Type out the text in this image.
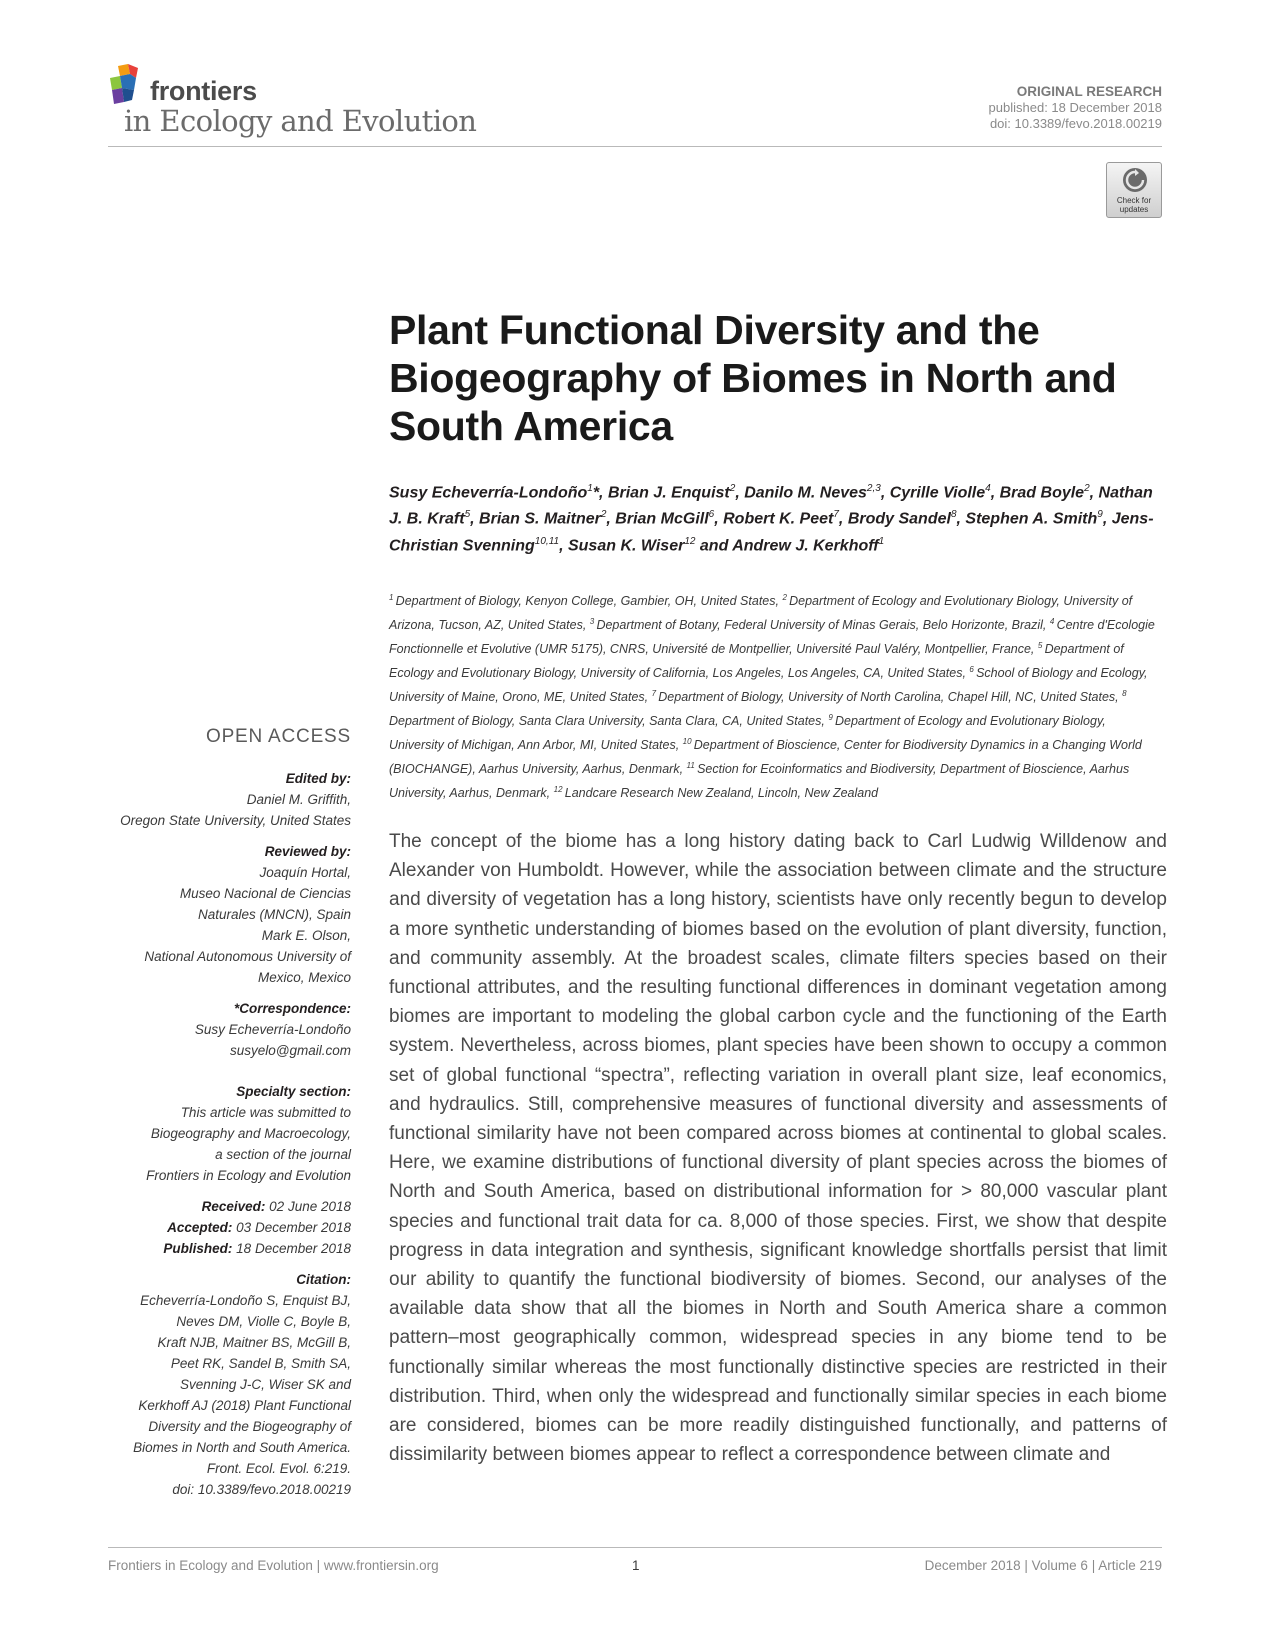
frontiers
in Ecology and Evolution
ORIGINAL RESEARCH
published: 18 December 2018
doi: 10.3389/fevo.2018.00219
Check for updates
Plant Functional Diversity and the Biogeography of Biomes in North and South America
Susy Echeverría-Londoño$^1$*, Brian J. Enquist$^2$, Danilo M. Neves$^{2,3}$, Cyrille Violle$^4$, Brad Boyle$^2$, Nathan J. B. Kraft$^5$, Brian S. Maitner$^2$, Brian McGill$^6$, Robert K. Peet$^7$, Brody Sandel$^8$, Stephen A. Smith$^9$, Jens-Christian Svenning$^{10,11}$, Susan K. Wiser$^{12}$ and Andrew J. Kerkhoff$^1$
$^1$ Department of Biology, Kenyon College, Gambier, OH, United States, $^2$ Department of Ecology and Evolutionary Biology, University of Arizona, Tucson, AZ, United States, $^3$ Department of Botany, Federal University of Minas Gerais, Belo Horizonte, Brazil, $^4$ Centre d'Ecologie Fonctionnelle et Evolutive (UMR 5175), CNRS, Université de Montpellier, Université Paul Valéry, Montpellier, France, $^5$ Department of Ecology and Evolutionary Biology, University of California, Los Angeles, Los Angeles, CA, United States, $^6$ School of Biology and Ecology, University of Maine, Orono, ME, United States, $^7$ Department of Biology, University of North Carolina, Chapel Hill, NC, United States, $^8$ Department of Biology, Santa Clara University, Santa Clara, CA, United States, $^9$ Department of Ecology and Evolutionary Biology, University of Michigan, Ann Arbor, MI, United States, $^{10}$ Department of Bioscience, Center for Biodiversity Dynamics in a Changing World (BIOCHANGE), Aarhus University, Aarhus, Denmark, $^{11}$ Section for Ecoinformatics and Biodiversity, Department of Bioscience, Aarhus University, Aarhus, Denmark, $^{12}$ Landcare Research New Zealand, Lincoln, New Zealand

The concept of the biome has a long history dating back to Carl Ludwig Willdenow and Alexander von Humboldt. However, while the association between climate and the structure and diversity of vegetation has a long history, scientists have only recently begun to develop a more synthetic understanding of biomes based on the evolution of plant diversity, function, and community assembly. At the broadest scales, climate filters species based on their functional attributes, and the resulting functional differences in dominant vegetation among biomes are important to modeling the global carbon cycle and the functioning of the Earth system. Nevertheless, across biomes, plant species have been shown to occupy a common set of global functional “spectra”, reflecting variation in overall plant size, leaf economics, and hydraulics. Still, comprehensive measures of functional diversity and assessments of functional similarity have not been compared across biomes at continental to global scales. Here, we examine distributions of functional diversity of plant species across the biomes of North and South America, based on distributional information for > 80,000 vascular plant species and functional trait data for ca. 8,000 of those species. First, we show that despite progress in data integration and synthesis, significant knowledge shortfalls persist that limit our ability to quantify the functional biodiversity of biomes. Second, our analyses of the available data show that all the biomes in North and South America share a common pattern–most geographically common, widespread species in any biome tend to be functionally similar whereas the most functionally distinctive species are restricted in their distribution. Third, when only the widespread and functionally similar species in each biome are considered, biomes can be more readily distinguished functionally, and patterns of dissimilarity between biomes appear to reflect a correspondence between climate and

OPEN ACCESS
Edited by:
Daniel M. Griffith,
Oregon State University, United States
Reviewed by:
Joaquín Hortal,
Museo Nacional de Ciencias
Naturales (MNCN), Spain
Mark E. Olson,
National Autonomous University of
Mexico, Mexico
*Correspondence:
Susy Echeverría-Londoño
susyelo@gmail.com
Specialty section:
This article was submitted to
Biogeography and Macroecology,
a section of the journal
Frontiers in Ecology and Evolution
Received: 02 June 2018
Accepted: 03 December 2018
Published: 18 December 2018
Citation:
Echeverría-Londoño S, Enquist BJ,
Neves DM, Violle C, Boyle B,
Kraft NJB, Maitner BS, McGill B,
Peet RK, Sandel B, Smith SA,
Svenning J-C, Wiser SK and
Kerkhoff AJ (2018) Plant Functional
Diversity and the Biogeography of
Biomes in North and South America.
Front. Ecol. Evol. 6:219.
doi: 10.3389/fevo.2018.00219
Frontiers in Ecology and Evolution | www.frontiersin.org	1	December 2018 | Volume 6 | Article 219
